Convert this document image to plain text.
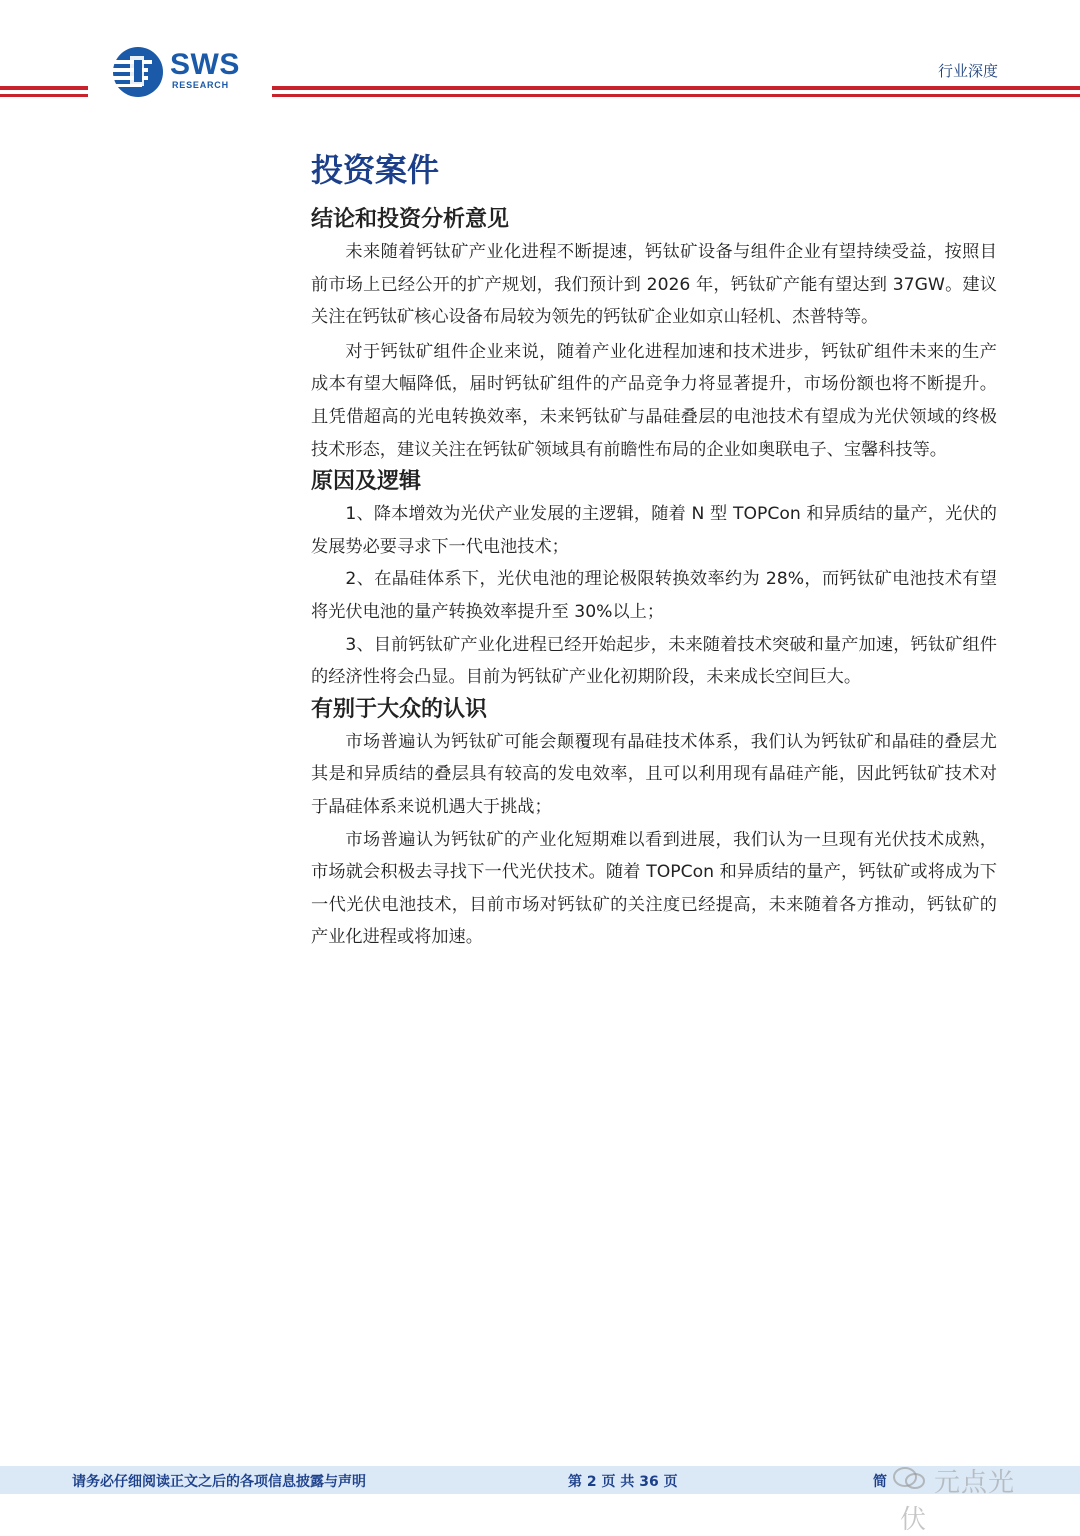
SWS
RESEARCH
行业深度
投资案件
结论和投资分析意见

未来随着钙钛矿产业化进程不断提速，钙钛矿设备与组件企业有望持续受益，按照目前市场上已经公开的扩产规划，我们预计到 2026 年，钙钛矿产能有望达到 37GW。建议关注在钙钛矿核心设备布局较为领先的钙钛矿企业如京山轻机、杰普特等。

对于钙钛矿组件企业来说，随着产业化进程加速和技术进步，钙钛矿组件未来的生产成本有望大幅降低，届时钙钛矿组件的产品竞争力将显著提升，市场份额也将不断提升。且凭借超高的光电转换效率，未来钙钛矿与晶硅叠层的电池技术有望成为光伏领域的终极技术形态，建议关注在钙钛矿领域具有前瞻性布局的企业如奥联电子、宝馨科技等。

原因及逻辑

1、降本增效为光伏产业发展的主逻辑，随着 N 型 TOPCon 和异质结的量产，光伏的发展势必要寻求下一代电池技术；

2、在晶硅体系下，光伏电池的理论极限转换效率约为 28%，而钙钛矿电池技术有望将光伏电池的量产转换效率提升至 30%以上；

3、目前钙钛矿产业化进程已经开始起步，未来随着技术突破和量产加速，钙钛矿组件的经济性将会凸显。目前为钙钛矿产业化初期阶段，未来成长空间巨大。

有别于大众的认识

市场普遍认为钙钛矿可能会颠覆现有晶硅技术体系，我们认为钙钛矿和晶硅的叠层尤其是和异质结的叠层具有较高的发电效率，且可以利用现有晶硅产能，因此钙钛矿技术对于晶硅体系来说机遇大于挑战；

市场普遍认为钙钛矿的产业化短期难以看到进展，我们认为一旦现有光伏技术成熟，市场就会积极去寻找下一代光伏技术。随着 TOPCon 和异质结的量产，钙钛矿或将成为下一代光伏电池技术，目前市场对钙钛矿的关注度已经提高，未来随着各方推动，钙钛矿的产业化进程或将加速。

请务必仔细阅读正文之后的各项信息披露与声明	第 2 页 共 36 页	简	元点光伏
